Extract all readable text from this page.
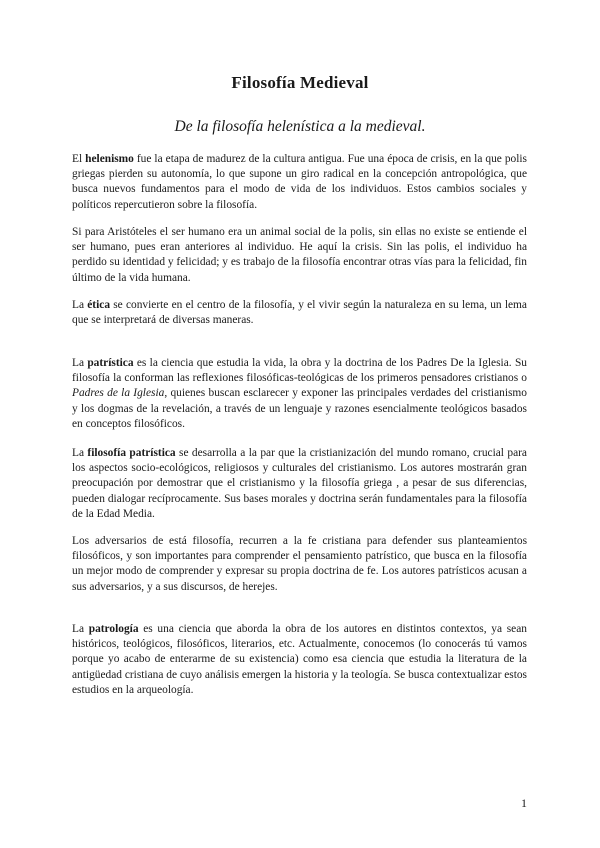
Filosofía Medieval
De la filosofía helenística a la medieval.

El helenismo fue la etapa de madurez de la cultura antigua. Fue una época de crisis, en la que polis griegas pierden su autonomía, lo que supone un giro radical en la concepción antropológica, que busca nuevos fundamentos para el modo de vida de los individuos. Estos cambios sociales y políticos repercutieron sobre la filosofía.

Si para Aristóteles el ser humano era un animal social de la polis, sin ellas no existe se entiende el ser humano, pues eran anteriores al individuo. He aquí la crisis. Sin las polis, el individuo ha perdido su identidad y felicidad; y es trabajo de la filosofía encontrar otras vías para la felicidad, fin último de la vida humana.

La ética se convierte en el centro de la filosofía, y el vivir según la naturaleza en su lema, un lema que se interpretará de diversas maneras.

La patrística es la ciencia que estudia la vida, la obra y la doctrina de los Padres De la Iglesia. Su filosofía la conforman las reflexiones filosóficas-teológicas de los primeros pensadores cristianos o Padres de la Iglesia, quienes buscan esclarecer y exponer las principales verdades del cristianismo y los dogmas de la revelación, a través de un lenguaje y razones esencialmente teológicos basados en conceptos filosóficos.

La filosofía patrística se desarrolla a la par que la cristianización del mundo romano, crucial para los aspectos socio-ecológicos, religiosos y culturales del cristianismo. Los autores mostrarán gran preocupación por demostrar que el cristianismo y la filosofía griega , a pesar de sus diferencias, pueden dialogar recíprocamente. Sus bases morales y doctrina serán fundamentales para la filosofía de la Edad Media.

Los adversarios de está filosofía, recurren a la fe cristiana para defender sus planteamientos filosóficos, y son importantes para comprender el pensamiento patrístico, que busca en la filosofía un mejor modo de comprender y expresar su propia doctrina de fe. Los autores patrísticos acusan a sus adversarios, y a sus discursos, de herejes.

La patrología es una ciencia que aborda la obra de los autores en distintos contextos, ya sean históricos, teológicos, filosóficos, literarios, etc. Actualmente, conocemos (lo conocerás tú vamos porque yo acabo de enterarme de su existencia) como esa ciencia que estudia la literatura de la antigüedad cristiana de cuyo análisis emergen la historia y la teología. Se busca contextualizar estos estudios en la arqueología.

1
